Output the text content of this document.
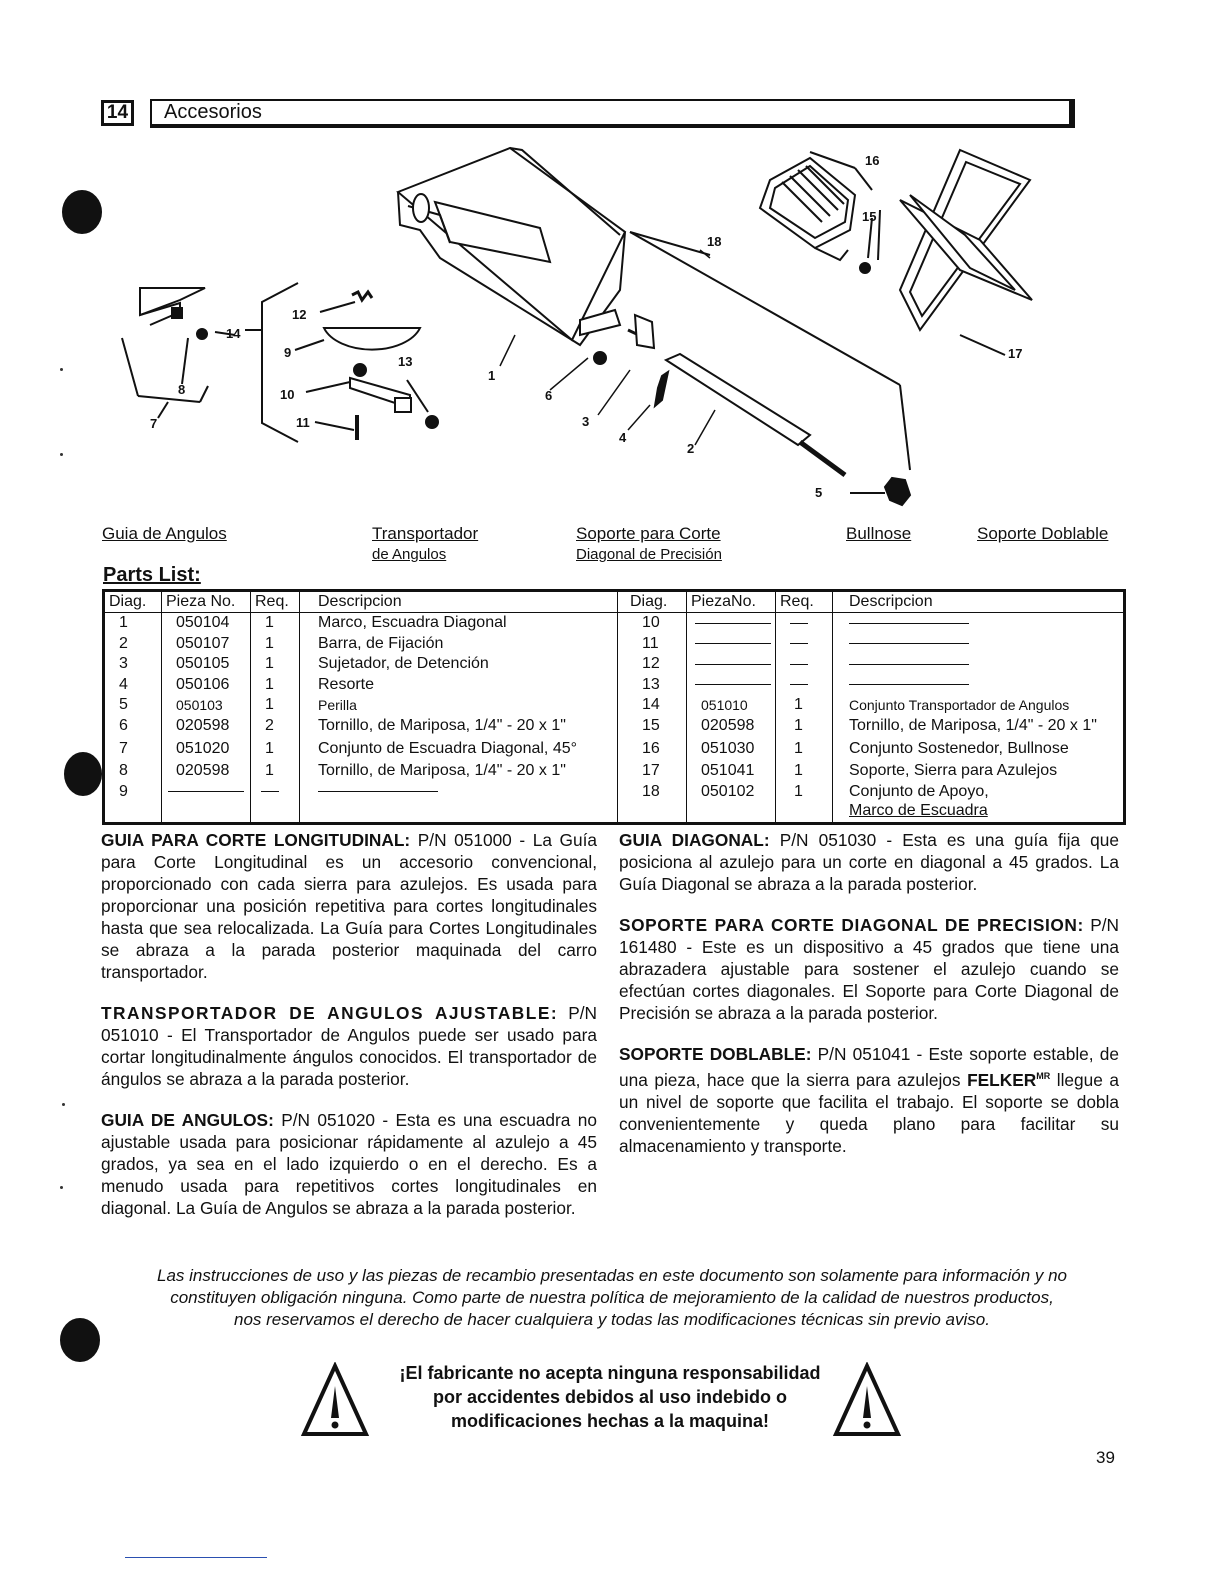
14	Accesorios
1
2
3
4
5
6
7
8
9
10
11
12
13
14
15
16
17
18
Guia de Angulos	Transportador
de Angulos
Soporte para Corte
Diagonal de Precisión
Bullnose	Soporte Doblable
Parts List:
Diag.	Pieza No.	Req.	Descripcion	Diag.	PiezaNo.	Req.	Descripcion
1	050104	1	Marco, Escuadra Diagonal	10			
2	050107	1	Barra, de Fijación	11			
3	050105	1	Sujetador, de Detención	12			
4	050106	1	Resorte	13			
5	050103	1	Perilla	14	051010	1	Conjunto Transportador de Angulos
6	020598	2	Tornillo, de Mariposa, 1/4" - 20 x 1"	15	020598	1	Tornillo, de Mariposa, 1/4" - 20 x 1"
7	051020	1	Conjunto de Escuadra Diagonal, 45°	16	051030	1	Conjunto Sostenedor, Bullnose
8	020598	1	Tornillo, de Mariposa, 1/4" - 20 x 1"	17	051041	1	Soporte, Sierra para Azulejos
9				18	050102	1	Conjunto de Apoyo,
Marco de Escuadra

GUIA PARA CORTE LONGITUDINAL: P/N 051000 - La Guía para Corte Longitudinal es un accesorio convencional, proporcionado con cada sierra para azulejos. Es usada para proporcionar una posición repetitiva para cortes longitudinales hasta que sea relocalizada. La Guía para Cortes Longitudinales se abraza a la parada posterior maquinada del carro transportador.

TRANSPORTADOR DE ANGULOS AJUSTABLE: P/N 051010 - El Transportador de Angulos puede ser usado para cortar longitudinalmente ángulos conocidos. El transportador de ángulos se abraza a la parada posterior.

GUIA DE ANGULOS: P/N 051020 - Esta es una escuadra no ajustable usada para posicionar rápidamente al azulejo a 45 grados, ya sea en el lado izquierdo o en el derecho. Es a menudo usada para repetitivos cortes longitudinales en diagonal. La Guía de Angulos se abraza a la parada posterior.

GUIA DIAGONAL: P/N 051030 - Esta es una guía fija que posiciona al azulejo para un corte en diagonal a 45 grados. La Guía Diagonal se abraza a la parada posterior.

SOPORTE PARA CORTE DIAGONAL DE PRECISION: P/N 161480 - Este es un dispositivo a 45 grados que tiene una abrazadera ajustable para sostener el azulejo cuando se efectúan cortes diagonales. El Soporte para Corte Diagonal de Precisión se abraza a la parada posterior.

SOPORTE DOBLABLE: P/N 051041 - Este soporte estable, de una pieza, hace que la sierra para azulejos $FELKER^{MR}$ llegue a un nivel de soporte que facilita el trabajo. El soporte se dobla convenientemente y queda plano para facilitar su almacenamiento y transporte.

Las instrucciones de uso y las piezas de recambio presentadas en este documento son solamente para información y no
constituyen obligación ninguna. Como parte de nuestra política de mejoramiento de la calidad de nuestros productos,
nos reservamos el derecho de hacer cualquiera y todas las modificaciones técnicas sin previo aviso.
¡El fabricante no acepta ninguna responsabilidad
por accidentes debidos al uso indebido o
modificaciones hechas a la maquina!
39
